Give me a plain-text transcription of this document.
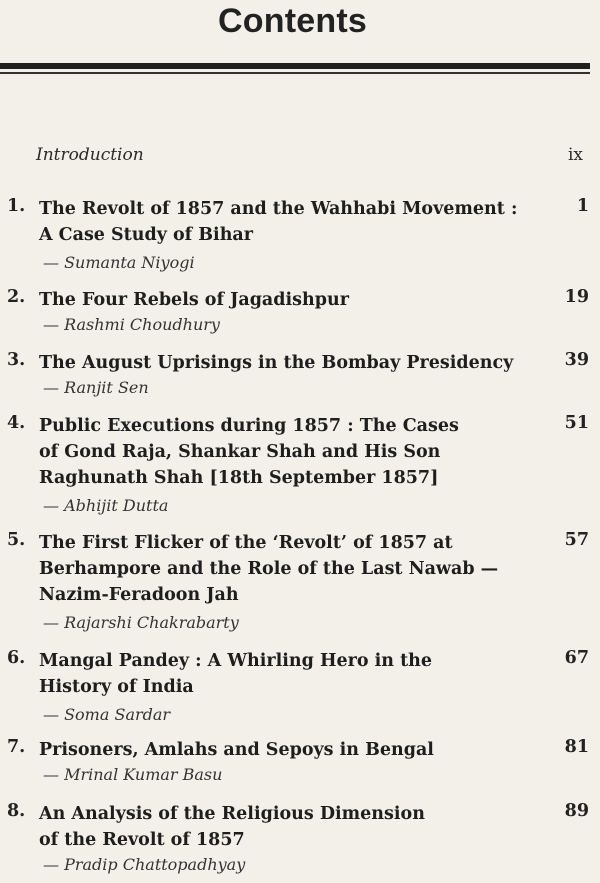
Contents
Introduction	ix
1. The Revolt of 1857 and the Wahhabi Movement :
A Case Study of Bihar
— Sumanta Niyogi
1
2. The Four Rebels of Jagadishpur
— Rashmi Choudhury
19
3. The August Uprisings in the Bombay Presidency
— Ranjit Sen
39
4. Public Executions during 1857 : The Cases
of Gond Raja, Shankar Shah and His Son
Raghunath Shah [18th September 1857]
— Abhijit Dutta
51
5. The First Flicker of the ‘Revolt’ of 1857 at
Berhampore and the Role of the Last Nawab —
Nazim-Feradoon Jah
— Rajarshi Chakrabarty
57
6. Mangal Pandey : A Whirling Hero in the
History of India
— Soma Sardar
67
7. Prisoners, Amlahs and Sepoys in Bengal
— Mrinal Kumar Basu
81
8. An Analysis of the Religious Dimension
of the Revolt of 1857
— Pradip Chattopadhyay
89
